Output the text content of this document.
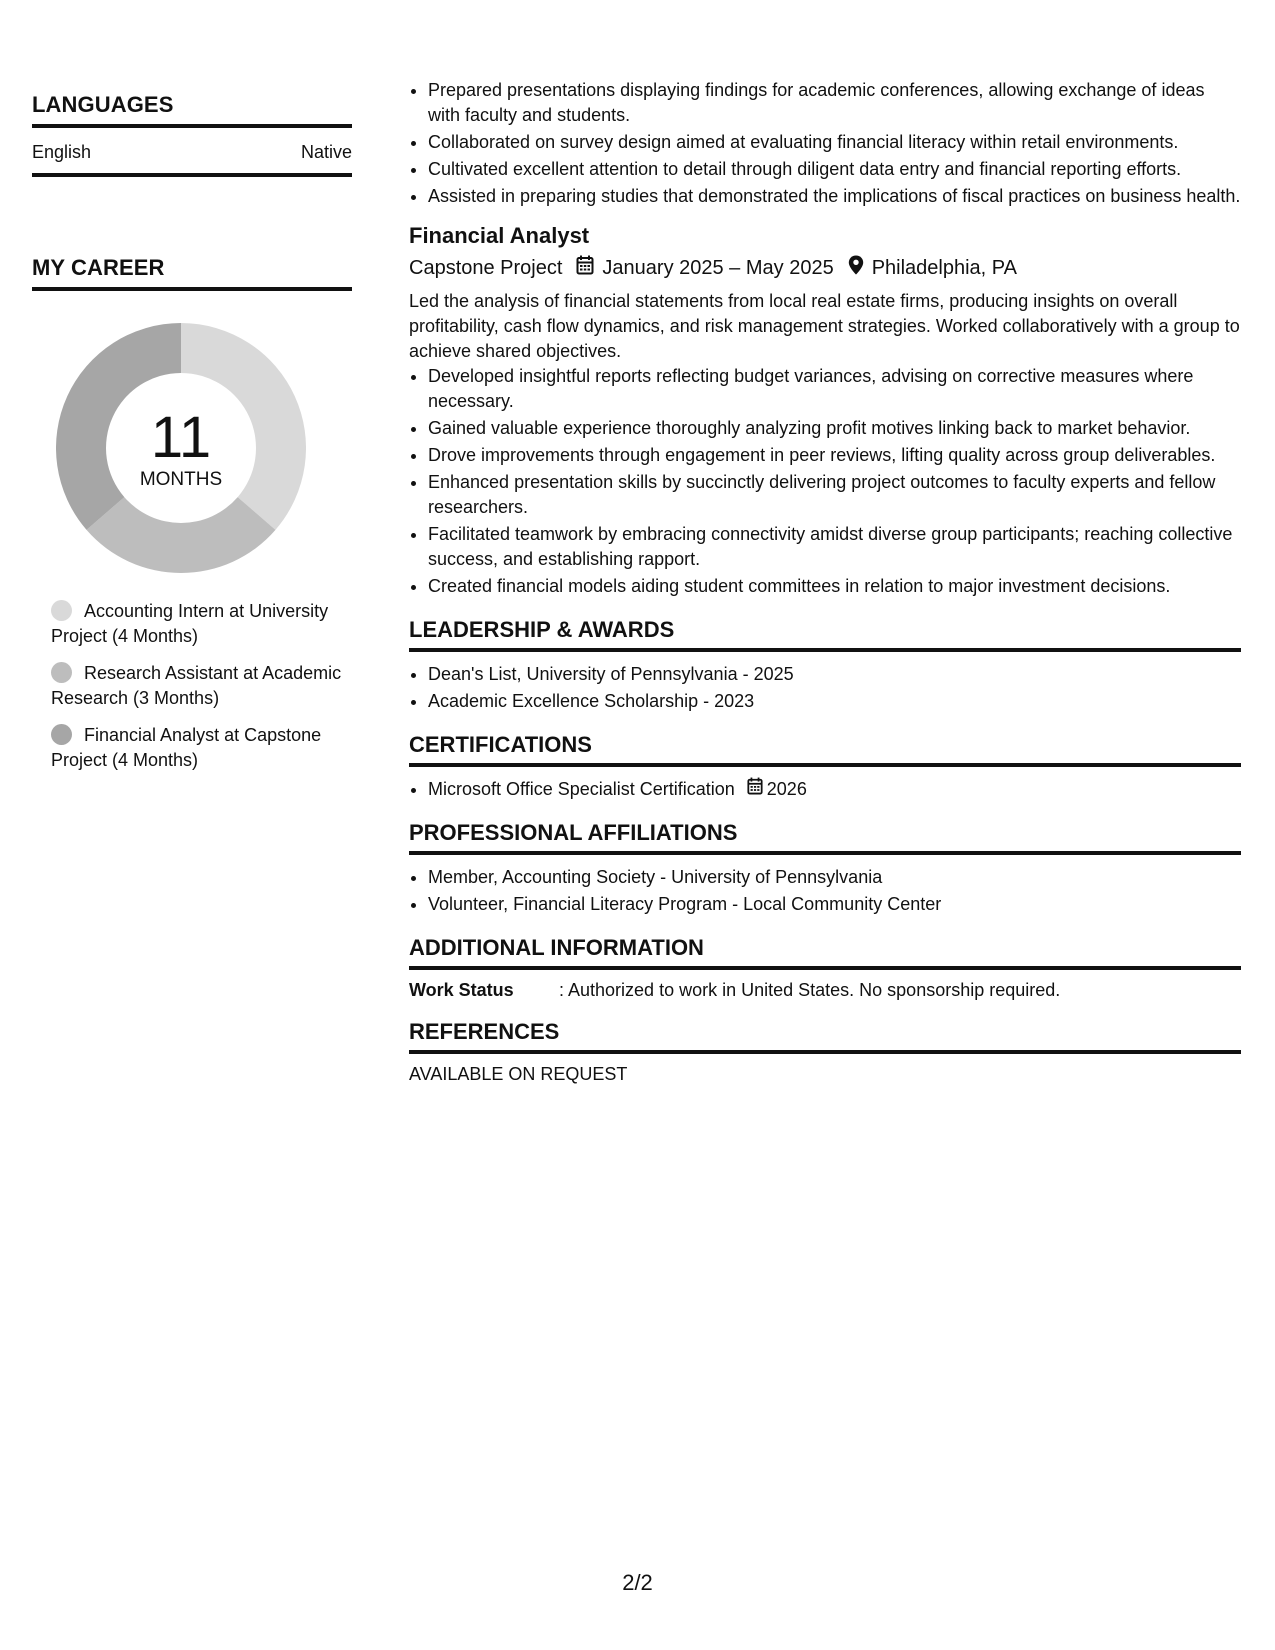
LANGUAGES
English	Native
MY CAREER
11
MONTHS
Accounting Intern at University Project (4 Months)
Research Assistant at Academic Research (3 Months)
Financial Analyst at Capstone Project (4 Months)
• Prepared presentations displaying findings for academic conferences, allowing exchange of ideas with faculty and students.
• Collaborated on survey design aimed at evaluating financial literacy within retail environments.
• Cultivated excellent attention to detail through diligent data entry and financial reporting efforts.
• Assisted in preparing studies that demonstrated the implications of fiscal practices on business health.
Financial Analyst
Capstone Project January 2025 – May 2025 Philadelphia, PA
Led the analysis of financial statements from local real estate firms, producing insights on overall profitability, cash flow dynamics, and risk management strategies. Worked collaboratively with a group to achieve shared objectives.
• Developed insightful reports reflecting budget variances, advising on corrective measures where necessary.
• Gained valuable experience thoroughly analyzing profit motives linking back to market behavior.
• Drove improvements through engagement in peer reviews, lifting quality across group deliverables.
• Enhanced presentation skills by succinctly delivering project outcomes to faculty experts and fellow researchers.
• Facilitated teamwork by embracing connectivity amidst diverse group participants; reaching collective success, and establishing rapport.
• Created financial models aiding student committees in relation to major investment decisions.
LEADERSHIP & AWARDS
• Dean's List, University of Pennsylvania - 2025
• Academic Excellence Scholarship - 2023
CERTIFICATIONS
• Microsoft Office Specialist Certification 2026
PROFESSIONAL AFFILIATIONS
• Member, Accounting Society - University of Pennsylvania
• Volunteer, Financial Literacy Program - Local Community Center
ADDITIONAL INFORMATION
Work Status	: Authorized to work in United States. No sponsorship required.
REFERENCES
AVAILABLE ON REQUEST
2/2
